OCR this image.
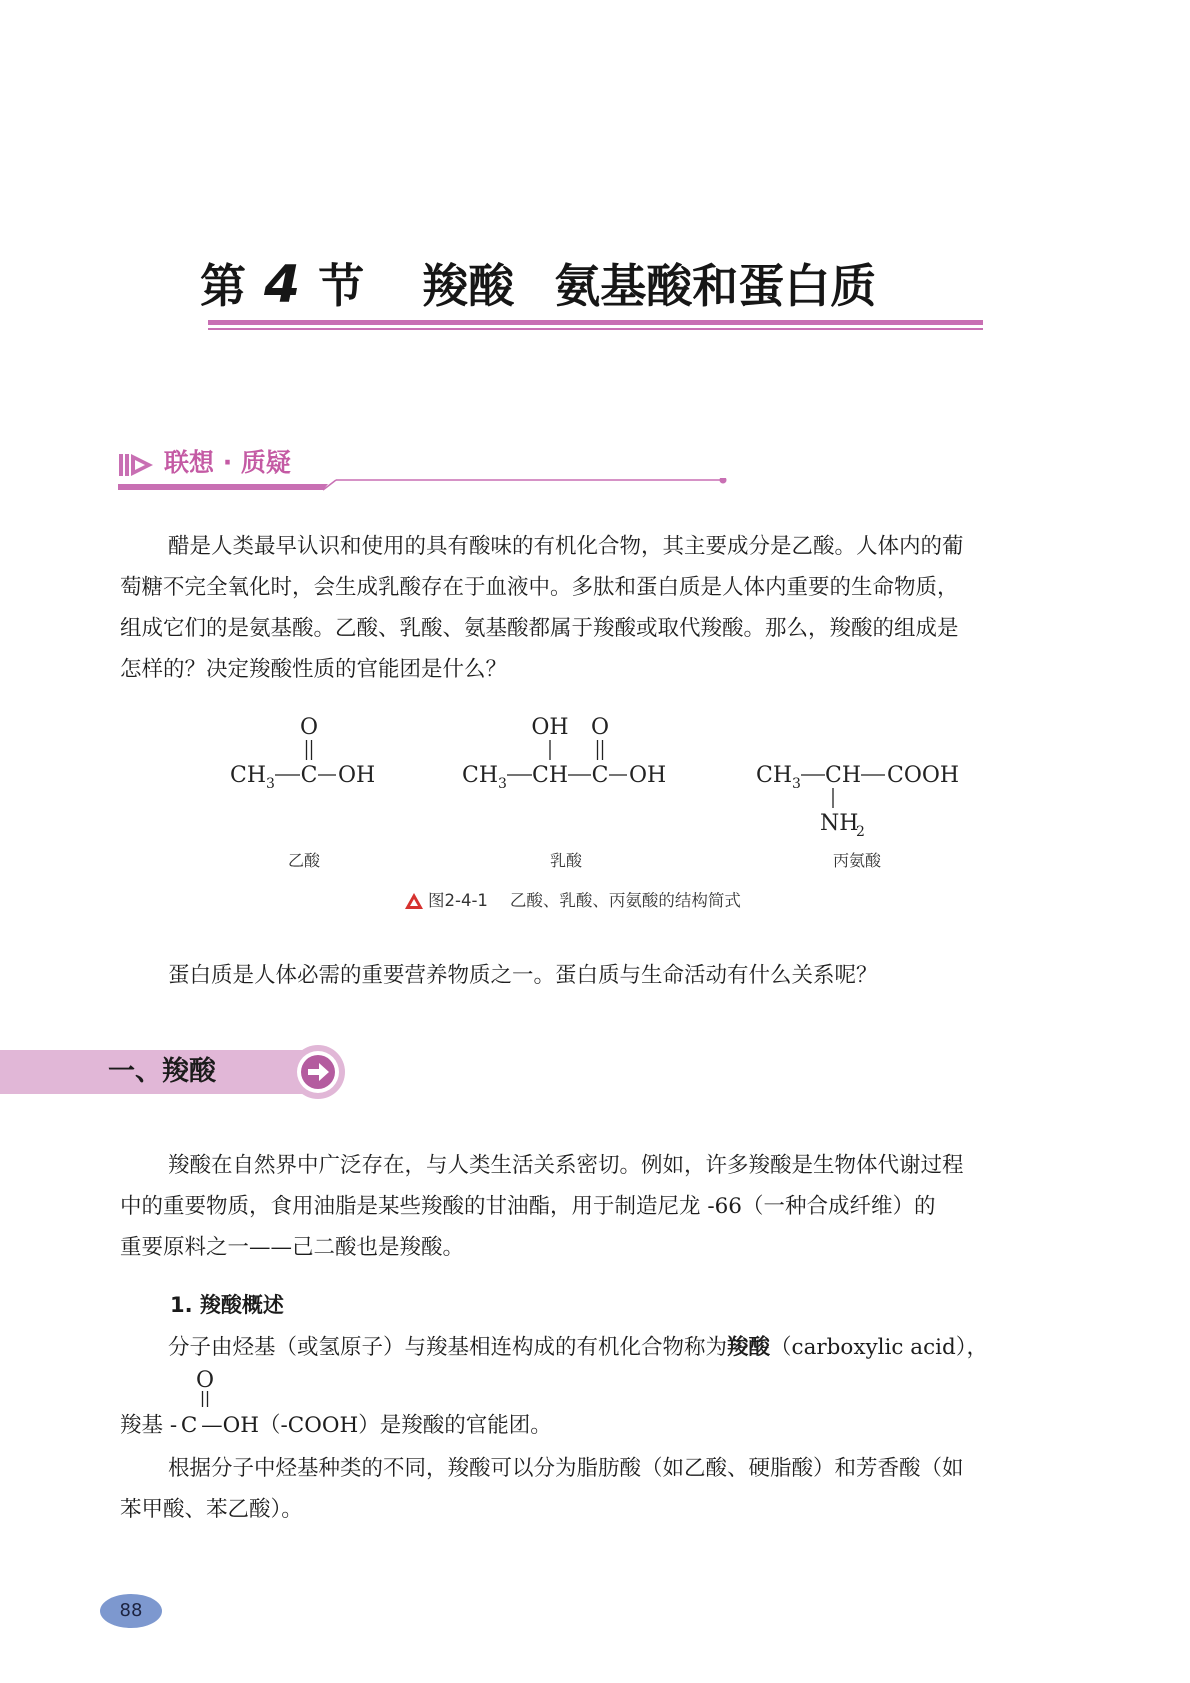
第 4 节 羧酸 氨基酸和蛋白质
联想 · 质疑
醋是人类最早认识和使用的具有酸味的有机化合物，其主要成分是乙酸。人体内的葡
萄糖不完全氧化时，会生成乳酸存在于血液中。多肽和蛋白质是人体内重要的生命物质，
组成它们的是氨基酸。乙酸、乳酸、氨基酸都属于羧酸或取代羧酸。那么，羧酸的组成是
怎样的？决定羧酸性质的官能团是什么？
O
CH 3 C OH
OH O
CH 3 CH C OH	CH 3 CH COOH
NH
2
乙酸	乳酸	丙氨酸
图2-4-1 乙酸、乳酸、丙氨酸的结构简式
蛋白质是人体必需的重要营养物质之一。蛋白质与生命活动有什么关系呢？
一、羧酸
羧酸在自然界中广泛存在，与人类生活关系密切。例如，许多羧酸是生物体代谢过程
中的重要物质，食用油脂是某些羧酸的甘油酯，用于制造尼龙 -66（一种合成纤维）的
重要原料之一——己二酸也是羧酸。
1. 羧酸概述
分子由烃基（或氢原子）与羧基相连构成的有机化合物称为羧酸（carboxylic acid），
O
羧基 - C —OH（-COOH）是羧酸的官能团。
根据分子中烃基种类的不同，羧酸可以分为脂肪酸（如乙酸、硬脂酸）和芳香酸（如
苯甲酸、苯乙酸）。
88
